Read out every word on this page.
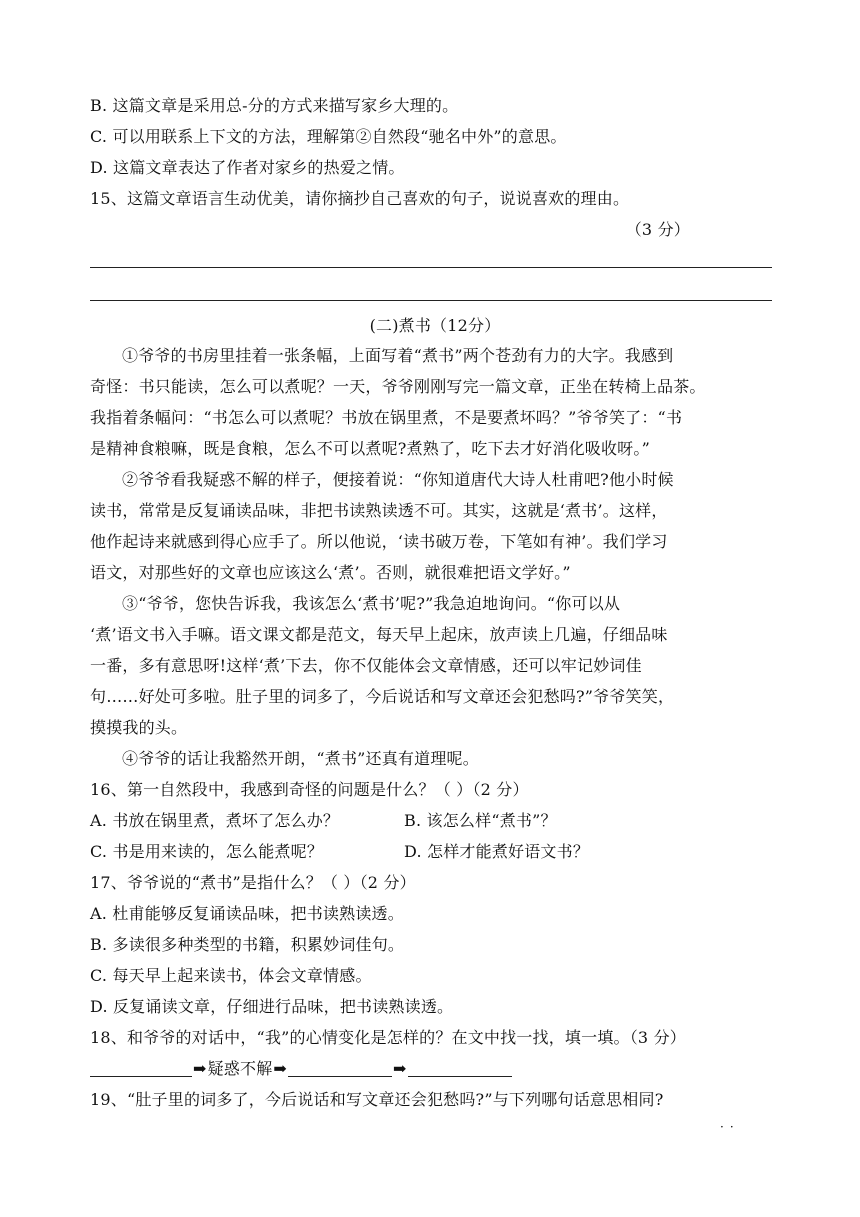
B. 这篇文章是采用总-分的方式来描写家乡大理的。
C. 可以用联系上下文的方法，理解第②自然段“驰名中外”的意思。
D. 这篇文章表达了作者对家乡的热爱之情。
15、这篇文章语言生动优美，请你摘抄自己喜欢的句子，说说喜欢的理由。
（3 分）
(二)煮书（12分）
①爷爷的书房里挂着一张条幅，上面写着“煮书”两个苍劲有力的大字。我感到
奇怪：书只能读，怎么可以煮呢？一天，爷爷刚刚写完一篇文章，正坐在转椅上品茶。
我指着条幅问：“书怎么可以煮呢？书放在锅里煮，不是要煮坏吗？”爷爷笑了：“书
是精神食粮嘛，既是食粮，怎么不可以煮呢?煮熟了，吃下去才好消化吸收呀。”
②爷爷看我疑惑不解的样子，便接着说：“你知道唐代大诗人杜甫吧?他小时候
读书，常常是反复诵读品味，非把书读熟读透不可。其实，这就是‘煮书’。这样，
他作起诗来就感到得心应手了。所以他说，‘读书破万卷，下笔如有神’。我们学习
语文，对那些好的文章也应该这么‘煮’。否则，就很难把语文学好。”
③“爷爷，您快告诉我，我该怎么‘煮书’呢?”我急迫地询问。“你可以从
‘煮’语文书入手嘛。语文课文都是范文，每天早上起床，放声读上几遍，仔细品味
一番，多有意思呀!这样‘煮’下去，你不仅能体会文章情感，还可以牢记妙词佳
句……好处可多啦。肚子里的词多了，今后说话和写文章还会犯愁吗?”爷爷笑笑，
摸摸我的头。
④爷爷的话让我豁然开朗，“煮书”还真有道理呢。
16、第一自然段中，我感到奇怪的问题是什么？（ ）（2 分）
A. 书放在锅里煮，煮坏了怎么办？	B. 该怎么样“煮书”？
C. 书是用来读的，怎么能煮呢？	D. 怎样才能煮好语文书？
17、爷爷说的“煮书”是指什么？（ ）（2 分）
A. 杜甫能够反复诵读品味，把书读熟读透。
B. 多读很多种类型的书籍，积累妙词佳句。
C. 每天早上起来读书，体会文章情感。
D. 反复诵读文章，仔细进行品味，把书读熟读透。
18、和爷爷的对话中，“我”的心情变化是怎样的？在文中找一找，填一填。（3 分）
➡疑惑不解➡	➡
19、“肚子里的词多了，今后说话和写文章还会犯愁吗?”与下列哪句话意思相同?
··
